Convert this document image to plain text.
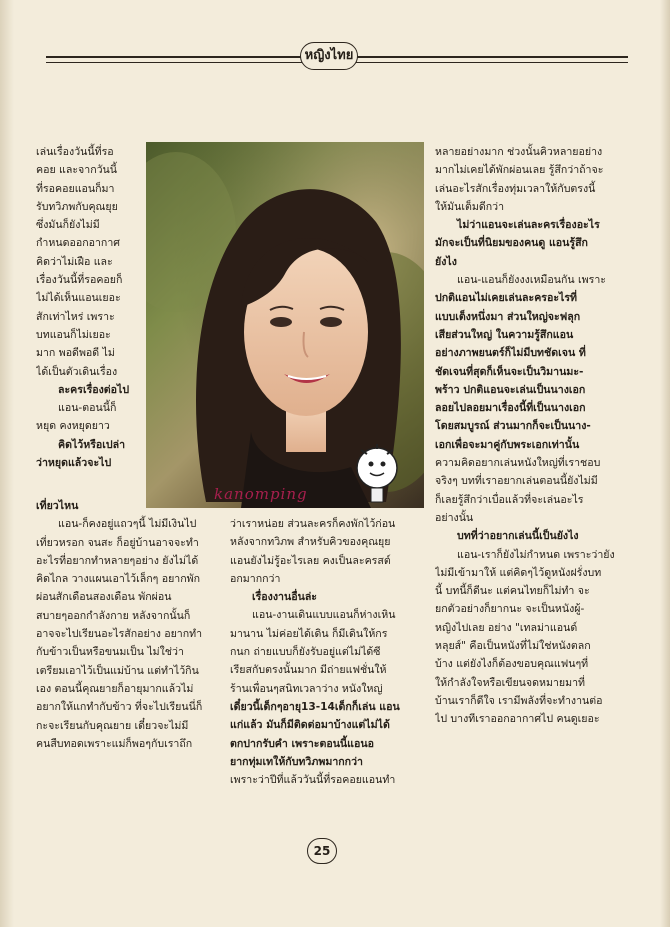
หญิงไทย

เล่นเรื่องวันนี้ที่รอ

คอย และจากวันนี้

ที่รอคอยแอนก็มา

รับทวิภพกับคุณยุย

ซึ่งมันก็ยังไม่มี

กำหนดออกอากาศ

คิดว่าไม่เฝือ และ

เรื่องวันนี้ที่รอคอยก็

ไม่ได้เห็นแอนเยอะ

สักเท่าไหร่ เพราะ

บทแอนก็ไม่เยอะ

มาก พอดีพอดี ไม่

ได้เป็นตัวเดินเรื่อง

ละครเรื่องต่อไป

แอน-ตอนนี้ก็

หยุด คงหยุดยาว

คิดไว้หรือเปล่า

ว่าหยุดแล้วจะไป

kanomping

เที่ยวไหน

แอน-ก็คงอยู่แถวๆนี้ ไม่มีเงินไป

เที่ยวหรอก จนสะ ก็อยู่บ้านอาจจะทำ

อะไรที่อยากทำหลายๆอย่าง ยังไม่ได้

คิดไกล วางแผนเอาไว้เล็กๆ อยากพัก

ผ่อนสักเดือนสองเดือน พักผ่อน

สบายๆออกกำลังกาย หลังจากนั้นก็

อาจจะไปเรียนอะไรสักอย่าง อยากทำ

กับข้าวเป็นหรือขนมเป็น ไม่ใช่ว่า

เตรียมเอาไว้เป็นแม่บ้าน แต่ทำไว้กิน

เอง ตอนนี้คุณยายก็อายุมากแล้วไม่

อยากให้แกทำกับข้าว ที่จะไปเรียนนี่ก็

กะจะเรียนกับคุณยาย เดี๋ยวจะไม่มี

คนสืบทอดเพราะแม่ก็พอๆกับเราถึก

ว่าเราหน่อย ส่วนละครก็คงพักไว้ก่อน

หลังจากทวิภพ สำหรับคิวของคุณยุย

แอนยังไม่รู้อะไรเลย คงเป็นละครสต์

อกมากกว่า

เรื่องงานอื่นล่ะ

แอน-งานเดินแบบแอนก็ห่างเหิน

มานาน ไม่ค่อยได้เดิน ก็มีเดินให้กร

กนก ถ่ายแบบก็ยังรับอยู่แต่ไม่ได้ซี

เรียสกับตรงนั้นมาก มีถ่ายแฟชั่นให้

ร้านเพื่อนๆสนิทเวลาว่าง หนังใหญ่

เดี๋ยวนี้เด็กๆอายุ13-14เด็กก็เล่น แอน

แก่แล้ว มันก็มีติดต่อมาบ้างแต่ไม่ได้

ตกปากรับคำ เพราะตอนนี้แอนอ

ยากทุ่มเทให้กับทวิภพมากกว่า

เพราะว่าปีที่แล้ววันนี้ที่รอคอยแอนทำ

หลายอย่างมาก ช่วงนั้นคิวหลายอย่าง

มากไม่เคยได้พักผ่อนเลย รู้สึกว่าถ้าจะ

เล่นอะไรสักเรื่องทุ่มเวลาให้กับตรงนี้

ให้มันเต็มดีกว่า

ไม่ว่าแอนจะเล่นละครเรื่องอะไร

มักจะเป็นที่นิยมของคนดู แอนรู้สึก

ยังไง

แอน-แอนก็ยังงงเหมือนกัน เพราะ

ปกติแอนไม่เคยเล่นละครอะไรที่

แบบเต็งหนึ่งมา ส่วนใหญ่จะฟลุก

เสียส่วนใหญ่ ในความรู้สึกแอน

อย่างภาพยนตร์ก็ไม่มีบทชัดเจน ที่

ชัดเจนที่สุดก็เห็นจะเป็นวิมานมะ-

พร้าว ปกติแอนจะเล่นเป็นนางเอก

ลอยไปลอยมาเรื่องนี้ที่เป็นนางเอก

โดยสมบูรณ์ ส่วนมากก็จะเป็นนาง-

เอกเพื่อจะมาคู่กับพระเอกเท่านั้น

ความคิดอยากเล่นหนังใหญ่ที่เราชอบ

จริงๆ บทที่เราอยากเล่นตอนนี้ยังไม่มี

ก็เลยรู้สึกว่าเบื่อแล้วที่จะเล่นอะไร

อย่างนั้น

บทที่ว่าอยากเล่นนี้เป็นยังไง

แอน-เราก็ยังไม่กำหนด เพราะว่ายัง

ไม่มีเข้ามาให้ แต่คิดๆไว้ดูหนังฝรั่งบท

นี้ บทนี้ก็ดีนะ แต่คนไทยก็ไม่ทำ จะ

ยกตัวอย่างก็ยากนะ จะเป็นหนังผู้-

หญิงไปเลย อย่าง "เทลม่าแอนด์

หลุยส์" คือเป็นหนังที่ไม่ใช่หนังตลก

บ้าง แต่ยังไงก็ต้องขอบคุณแฟนๆที่

ให้กำลังใจหรือเขียนจดหมายมาที่

บ้านเราก็ดีใจ เรามีพลังที่จะทำงานต่อ

ไป บางทีเราออกอากาศไป คนดูเยอะ

25
